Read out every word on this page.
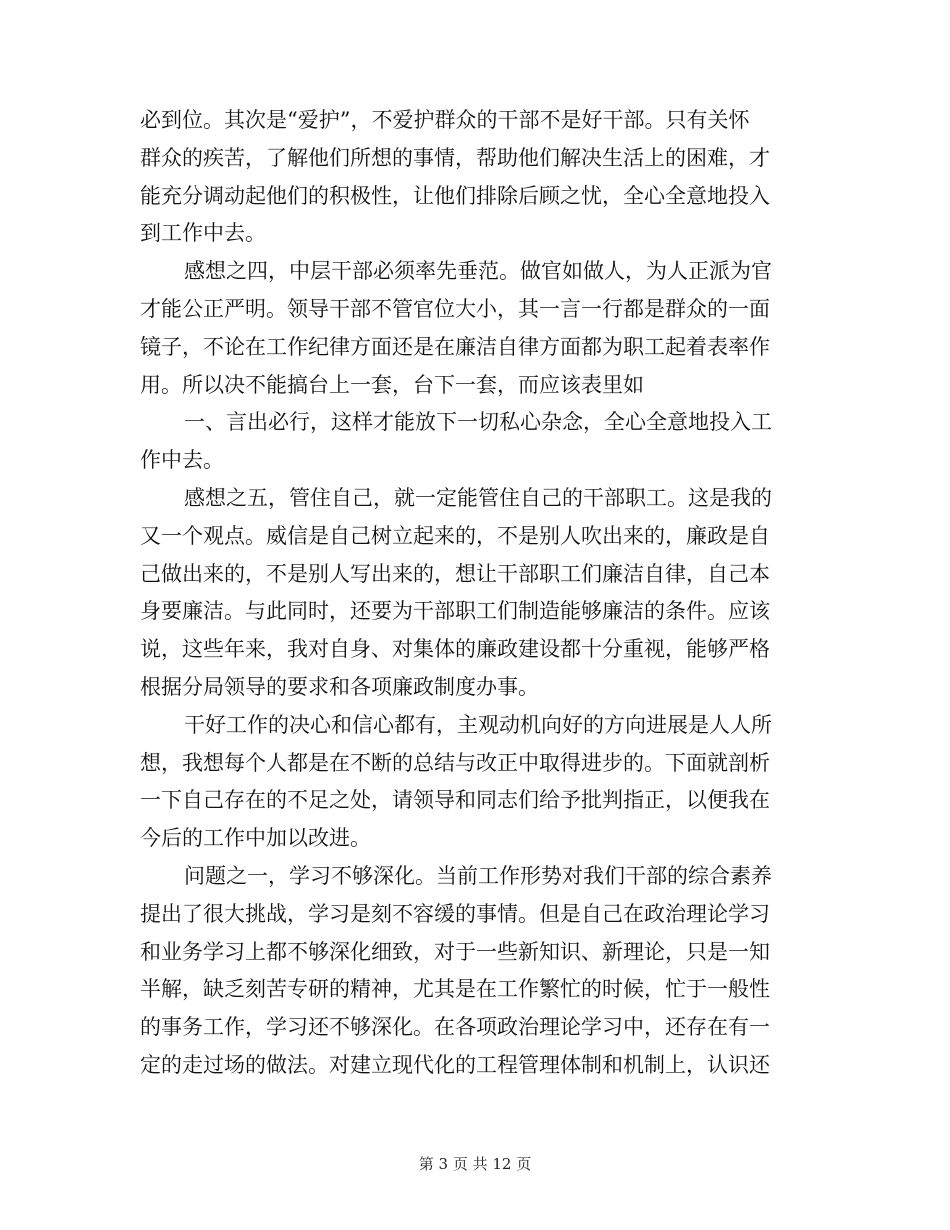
必到位。其次是“爱护”，不爱护群众的干部不是好干部。只有关怀
群众的疾苦，了解他们所想的事情，帮助他们解决生活上的困难，才
能充分调动起他们的积极性，让他们排除后顾之忧，全心全意地投入
到工作中去。
感想之四，中层干部必须率先垂范。做官如做人，为人正派为官
才能公正严明。领导干部不管官位大小，其一言一行都是群众的一面
镜子，不论在工作纪律方面还是在廉洁自律方面都为职工起着表率作
用。所以决不能搞台上一套，台下一套，而应该表里如
一、言出必行，这样才能放下一切私心杂念，全心全意地投入工
作中去。
感想之五，管住自己，就一定能管住自己的干部职工。这是我的
又一个观点。威信是自己树立起来的，不是别人吹出来的，廉政是自
己做出来的，不是别人写出来的，想让干部职工们廉洁自律，自己本
身要廉洁。与此同时，还要为干部职工们制造能够廉洁的条件。应该
说，这些年来，我对自身、对集体的廉政建设都十分重视，能够严格
根据分局领导的要求和各项廉政制度办事。
干好工作的决心和信心都有，主观动机向好的方向进展是人人所
想，我想每个人都是在不断的总结与改正中取得进步的。下面就剖析
一下自己存在的不足之处，请领导和同志们给予批判指正，以便我在
今后的工作中加以改进。
问题之一，学习不够深化。当前工作形势对我们干部的综合素养
提出了很大挑战，学习是刻不容缓的事情。但是自己在政治理论学习
和业务学习上都不够深化细致，对于一些新知识、新理论，只是一知
半解，缺乏刻苦专研的精神，尤其是在工作繁忙的时候，忙于一般性
的事务工作，学习还不够深化。在各项政治理论学习中，还存在有一
定的走过场的做法。对建立现代化的工程管理体制和机制上，认识还
第 3 页 共 12 页
